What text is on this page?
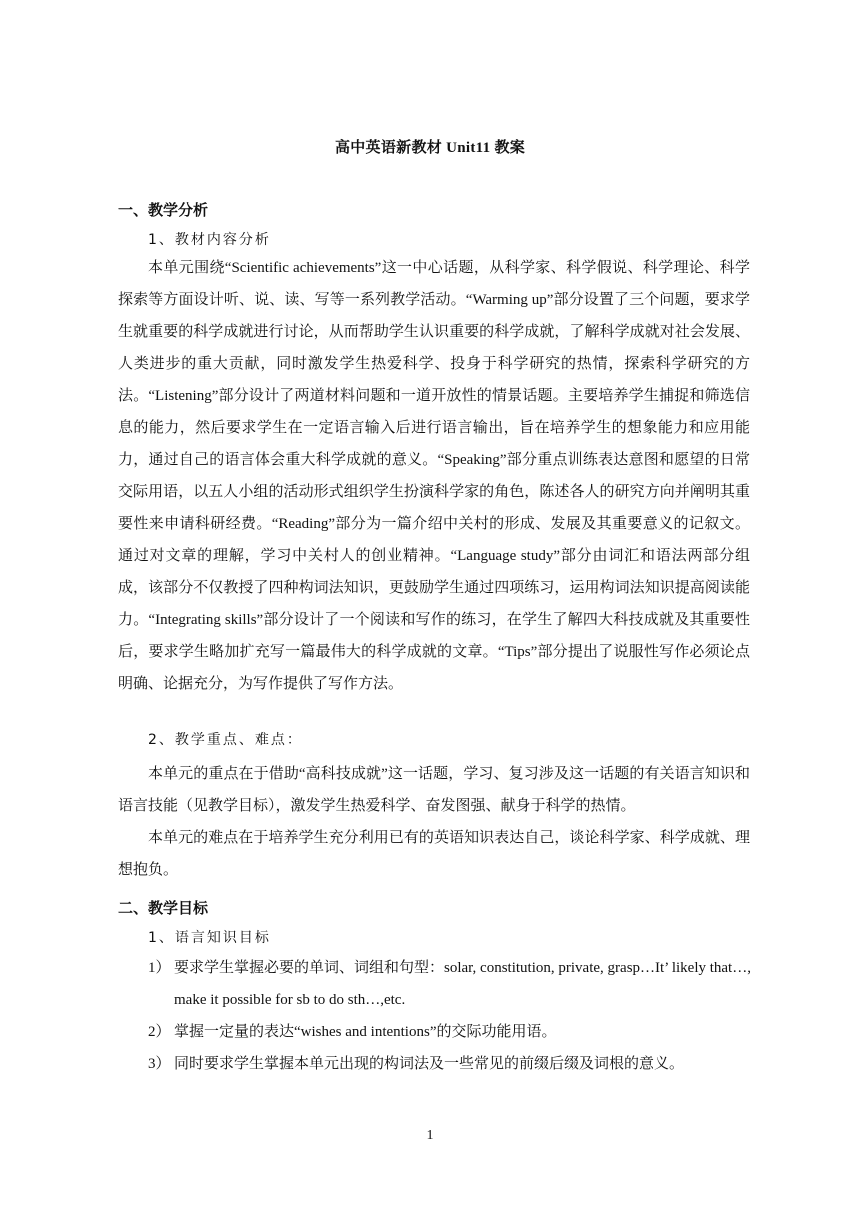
高中英语新教材 Unit11 教案
一、教学分析
1、教材内容分析

本单元围绕“Scientific achievements”这一中心话题，从科学家、科学假说、科学理论、科学探索等方面设计听、说、读、写等一系列教学活动。“Warming up”部分设置了三个问题，要求学生就重要的科学成就进行讨论，从而帮助学生认识重要的科学成就，了解科学成就对社会发展、人类进步的重大贡献，同时激发学生热爱科学、投身于科学研究的热情，探索科学研究的方法。“Listening”部分设计了两道材料问题和一道开放性的情景话题。主要培养学生捕捉和筛选信息的能力，然后要求学生在一定语言输入后进行语言输出，旨在培养学生的想象能力和应用能力，通过自己的语言体会重大科学成就的意义。“Speaking”部分重点训练表达意图和愿望的日常交际用语，以五人小组的活动形式组织学生扮演科学家的角色，陈述各人的研究方向并阐明其重要性来申请科研经费。“Reading”部分为一篇介绍中关村的形成、发展及其重要意义的记叙文。通过对文章的理解，学习中关村人的创业精神。“Language study”部分由词汇和语法两部分组成，该部分不仅教授了四种构词法知识，更鼓励学生通过四项练习，运用构词法知识提高阅读能力。“Integrating skills”部分设计了一个阅读和写作的练习，在学生了解四大科技成就及其重要性后，要求学生略加扩充写一篇最伟大的科学成就的文章。“Tips”部分提出了说服性写作必须论点明确、论据充分，为写作提供了写作方法。

2、教学重点、难点：

本单元的重点在于借助“高科技成就”这一话题，学习、复习涉及这一话题的有关语言知识和语言技能（见教学目标），激发学生热爱科学、奋发图强、献身于科学的热情。

本单元的难点在于培养学生充分利用已有的英语知识表达自己，谈论科学家、科学成就、理想抱负。

二、教学目标
1、语言知识目标
1） 要求学生掌握必要的单词、词组和句型：solar, constitution, private, grasp…It’ likely that…, make it possible for sb to do sth…,etc.
2） 掌握一定量的表达“wishes and intentions”的交际功能用语。
3） 同时要求学生掌握本单元出现的构词法及一些常见的前缀后缀及词根的意义。
1
